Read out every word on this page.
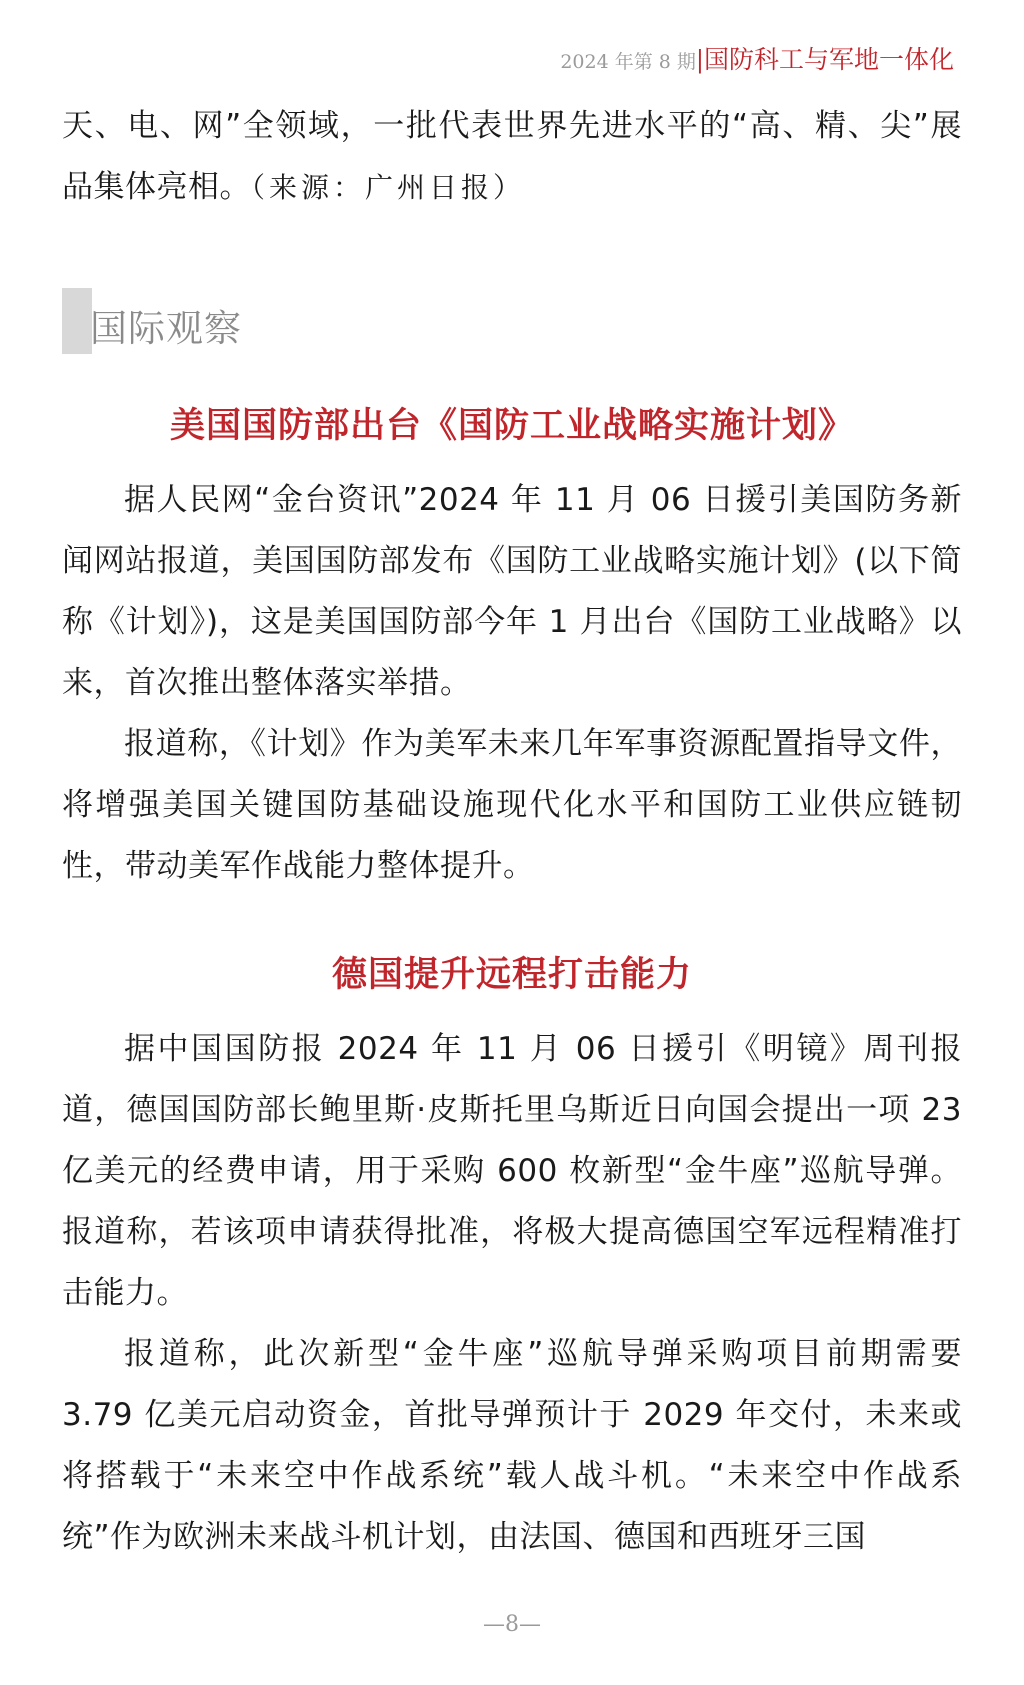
2024 年第 8 期|国防科工与军地一体化

天、电、网”全领域，一批代表世界先进水平的“高、精、尖”展品集体亮相。（来源：广州日报）

国际观察
美国国防部出台《国防工业战略实施计划》

据人民网“金台资讯”2024 年 11 月 06 日援引美国防务新闻网站报道，美国国防部发布《国防工业战略实施计划》(以下简称《计划》)，这是美国国防部今年 1 月出台《国防工业战略》以来，首次推出整体落实举措。

报道称，《计划》作为美军未来几年军事资源配置指导文件，将增强美国关键国防基础设施现代化水平和国防工业供应链韧性，带动美军作战能力整体提升。

德国提升远程打击能力

据中国国防报 2024 年 11 月 06 日援引《明镜》周刊报道，德国国防部长鲍里斯·皮斯托里乌斯近日向国会提出一项 23 亿美元的经费申请，用于采购 600 枚新型“金牛座”巡航导弹。报道称，若该项申请获得批准，将极大提高德国空军远程精准打击能力。

报道称，此次新型“金牛座”巡航导弹采购项目前期需要 3.79 亿美元启动资金，首批导弹预计于 2029 年交付，未来或将搭载于“未来空中作战系统”载人战斗机。“未来空中作战系统”作为欧洲未来战斗机计划，由法国、德国和西班牙三国

—8—
